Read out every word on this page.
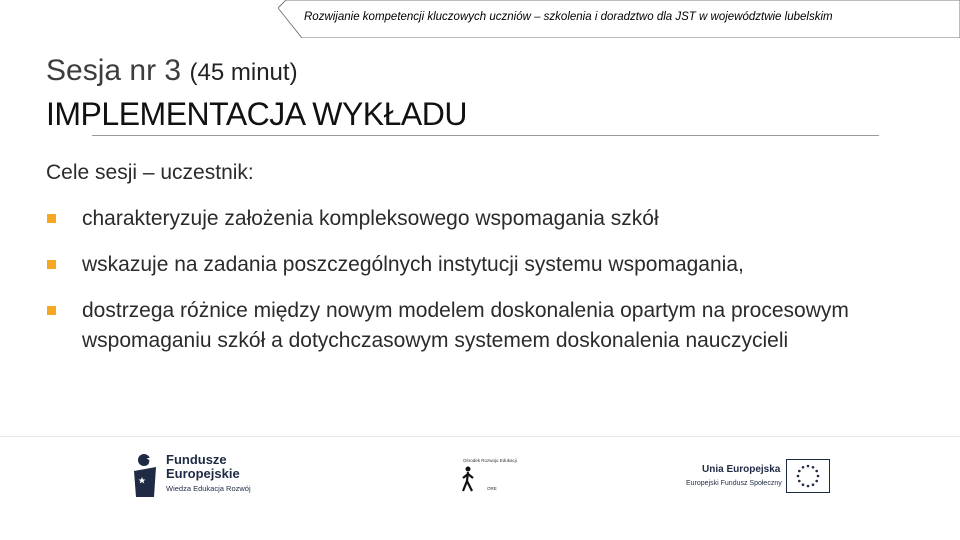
Rozwijanie kompetencji kluczowych uczniów – szkolenia i doradztwo dla JST w województwie lubelskim
Sesja nr 3 (45 minut)
IMPLEMENTACJA WYKŁADU
Cele sesji – uczestnik:
charakteryzuje założenia kompleksowego wspomagania szkół
wskazuje na zadania poszczególnych instytucji systemu wspomagania,
dostrzega różnice między nowym modelem doskonalenia opartym na procesowym wspomaganiu szkół a dotychczasowym systemem doskonalenia nauczycieli
Fundusze
Europejskie
Wiedza Edukacja Rozwój
Ośrodek Rozwoju Edukacji
ORE
Unia Europejska
Europejski Fundusz Społeczny
